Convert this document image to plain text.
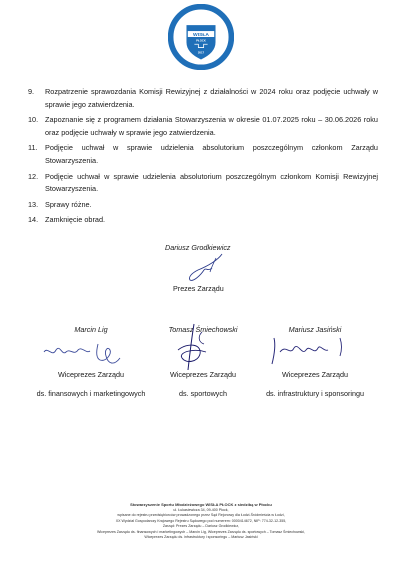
STOWARZYSZENIE
SPORTÓW MŁODZIEŻOWYCH
WISŁA
PŁOCK
2017
9.	Rozpatrzenie sprawozdania Komisji Rewizyjnej z działalności w 2024 roku oraz podjęcie uchwały w sprawie jego zatwierdzenia.
10. Zapoznanie się z programem działania Stowarzyszenia w okresie 01.07.2025 roku – 30.06.2026 roku oraz podjęcie uchwały w sprawie jego zatwierdzenia.
11.	Podjęcie uchwał w sprawie udzielenia absolutorium poszczególnym członkom Zarządu Stowarzyszenia.
12. Podjęcie uchwał w sprawie udzielenia absolutorium poszczególnym członkom Komisji Rewizyjnej Stowarzyszenia.
13. Sprawy różne.
14. Zamknięcie obrad.
Dariusz Grodkiewicz
Prezes Zarządu
Marcin Lig
Wiceprezes Zarządu
ds. finansowych i marketingowych
Tomasz Śmiechowski
Wiceprezes Zarządu
ds. sportowych
Mariusz Jasiński
Wiceprezes Zarządu
ds. infrastruktury i sponsoringu
Stowarzyszenie Sportu Młodzieżowego WISŁA PŁOCK z siedzibą w Płocku
ul. Łukasiewicza 34, 09-400 Płock,
wpisane do rejestru przedsiębiorców prowadzonego przez Sąd Rejonowy dla Łodzi-Śródmieścia w Łodzi,
XX Wydział Gospodarczy Krajowego Rejestru Sądowego pod numerem: 0000414672, NIP: 774-32-12-355,
Zarząd: Prezes Zarządu – Dariusz Grodkiewicz,
Wiceprezes Zarządu ds. finansowych i marketingowych – Marcin Lig, Wiceprezes Zarządu ds. sportowych – Tomasz Śmiechowski,
Wiceprezes Zarządu ds. infrastruktury i sponsoringu – Mariusz Jasiński
